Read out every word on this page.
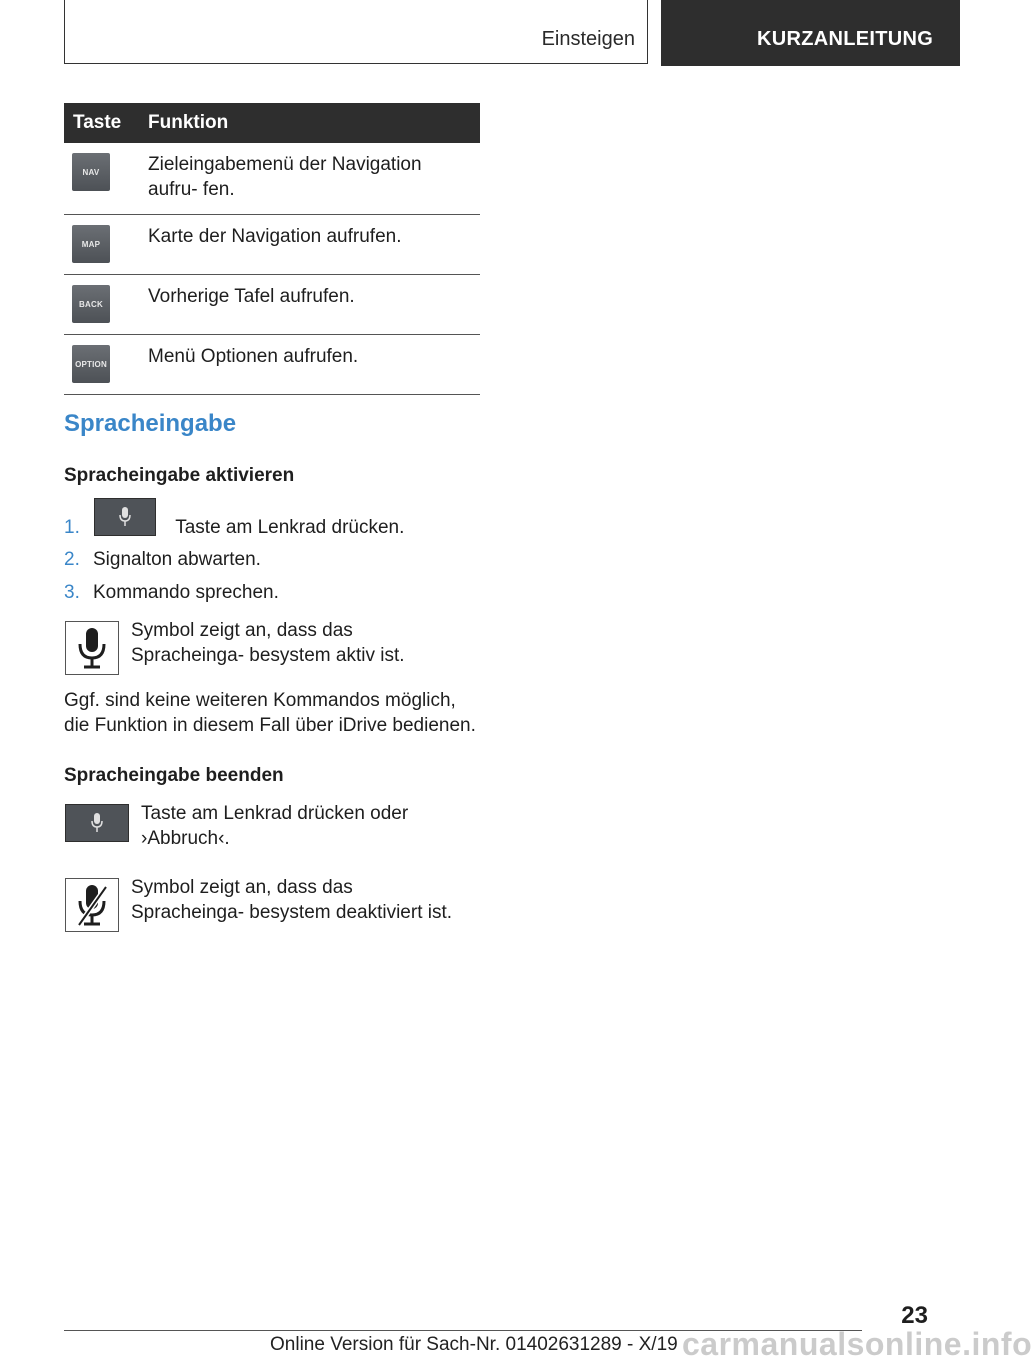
Einsteigen	KURZANLEITUNG
Taste	Funktion

NAV	Zieleingabemenü der Navigation aufru‐ fen.

MAP	Karte der Navigation aufrufen.

BACK	Vorherige Tafel aufrufen.

OPTION	Menü Optionen aufrufen.
Spracheingabe
Spracheingabe aktivieren
1.	Taste am Lenkrad drücken.
2. Signalton abwarten.
3. Kommando sprechen.
Symbol zeigt an, dass das Spracheinga‐ besystem aktiv ist.
Ggf. sind keine weiteren Kommandos möglich, die Funktion in diesem Fall über iDrive bedienen.
Spracheingabe beenden
Taste am Lenkrad drücken oder ›Abbruch‹.
Symbol zeigt an, dass das Spracheinga‐ besystem deaktiviert ist.
23
Online Version für Sach-Nr. 01402631289 - X/19 carmanualsonline.info
